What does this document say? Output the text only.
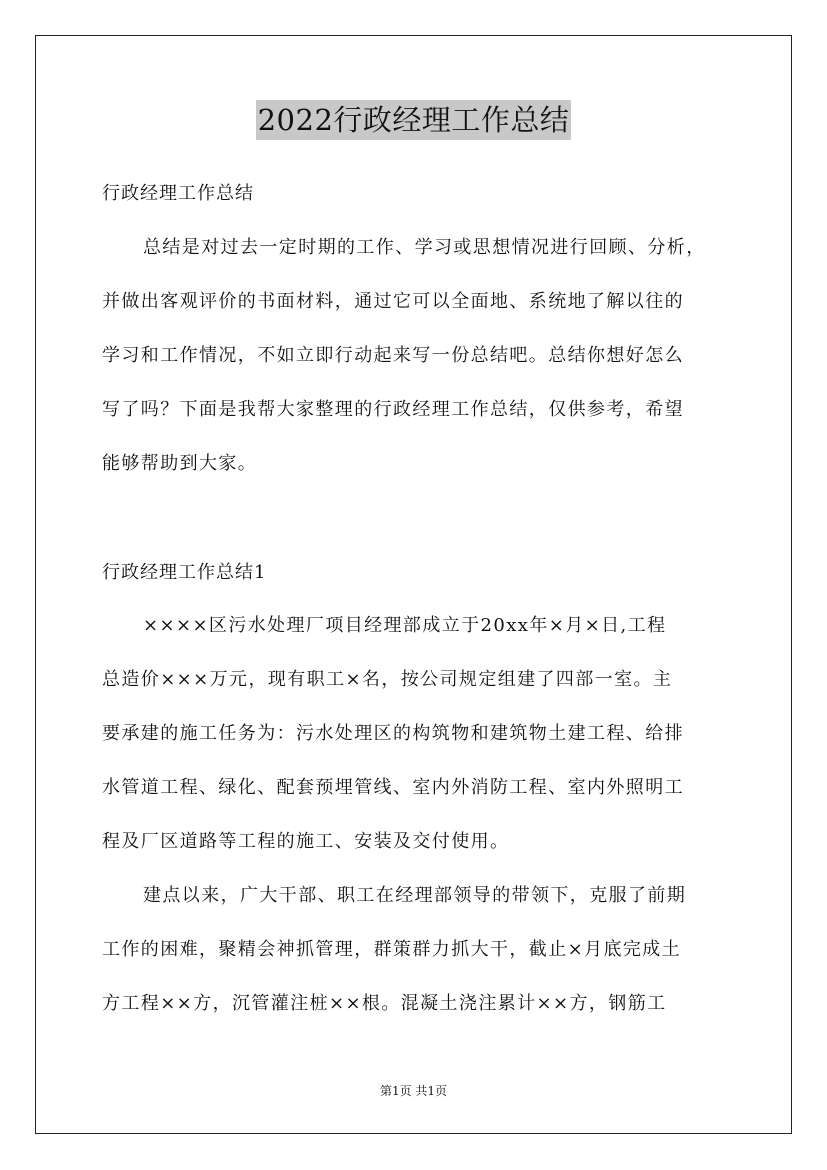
2022行政经理工作总结
行政经理工作总结
总结是对过去一定时期的工作、学习或思想情况进行回顾、分析，
并做出客观评价的书面材料，通过它可以全面地、系统地了解以往的
学习和工作情况，不如立即行动起来写一份总结吧。总结你想好怎么
写了吗？下面是我帮大家整理的行政经理工作总结，仅供参考，希望
能够帮助到大家。
行政经理工作总结1
××××区污水处理厂项目经理部成立于20xx年×月×日,工程
总造价×××万元，现有职工×名，按公司规定组建了四部一室。主
要承建的施工任务为：污水处理区的构筑物和建筑物土建工程、给排
水管道工程、绿化、配套预埋管线、室内外消防工程、室内外照明工
程及厂区道路等工程的施工、安装及交付使用。
建点以来，广大干部、职工在经理部领导的带领下，克服了前期
工作的困难，聚精会神抓管理，群策群力抓大干，截止×月底完成土
方工程××方，沉管灌注桩××根。混凝土浇注累计××方，钢筋工
第1页 共1页
